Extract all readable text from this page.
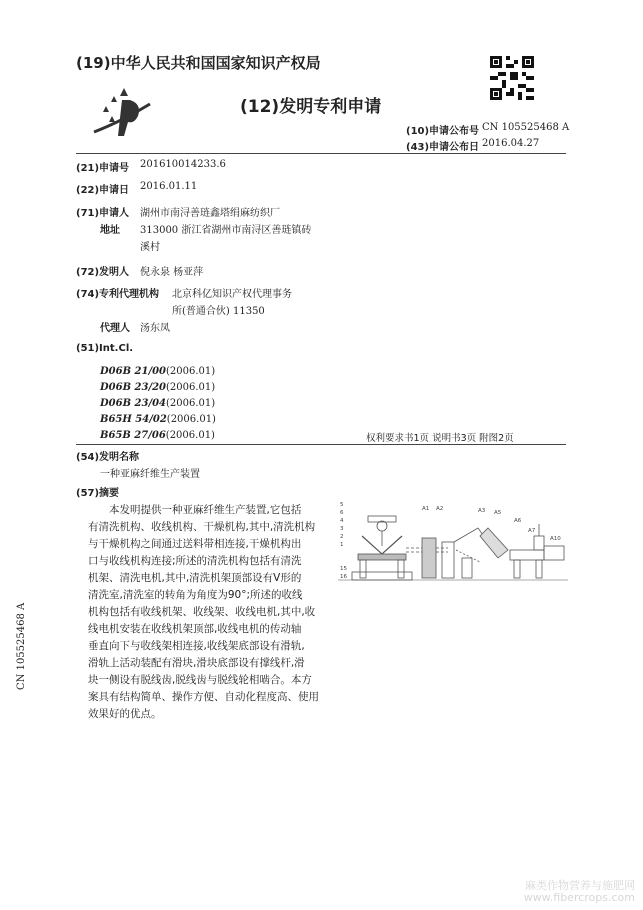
(19)中华人民共和国国家知识产权局
(12)发明专利申请
(10)申请公布号 CN 105525468 A
(43)申请公布日 2016.04.27
(21)申请号 201610014233.6
(22)申请日 2016.01.11
(71)申请人 湖州市南浔善琏鑫塔绢麻纺织厂
地址 313000 浙江省湖州市南浔区善琏镇砖
溪村
(72)发明人 倪永泉 杨亚萍
(74)专利代理机构 北京科亿知识产权代理事务
所(普通合伙) 11350
代理人 汤东凤
(51)Int.Cl.
D06B 21/00(2006.01)
D06B 23/20(2006.01)
D06B 23/04(2006.01)
B65H 54/02(2006.01)
B65B 27/06(2006.01)	权利要求书1页 说明书3页 附图2页
(54)发明名称
一种亚麻纤维生产装置
(57)摘要
本发明提供一种亚麻纤维生产装置,它包括
有清洗机构、收线机构、干燥机构,其中,清洗机构
与干燥机构之间通过送料带相连接,干燥机构出
口与收线机构连接;所述的清洗机构包括有清洗
机架、清洗电机,其中,清洗机架顶部设有V形的
清洗室,清洗室的转角为角度为90°;所述的收线
机构包括有收线机架、收线架、收线电机,其中,收
线电机安装在收线机架顶部,收线电机的传动轴
垂直向下与收线架相连接,收线架底部设有滑轨,
滑轨上活动装配有滑块,滑块底部设有撑线杆,滑
块一侧设有脱线齿,脱线齿与脱线轮相啮合。本方
案具有结构简单、操作方便、自动化程度高、使用
效果好的优点。
5
6
4
3
2
1
15
16
A1 A2	A3 A5
A6
A7
A10
CN 105525468 A
麻类作物营养与施肥网 www.fibercrops.com
